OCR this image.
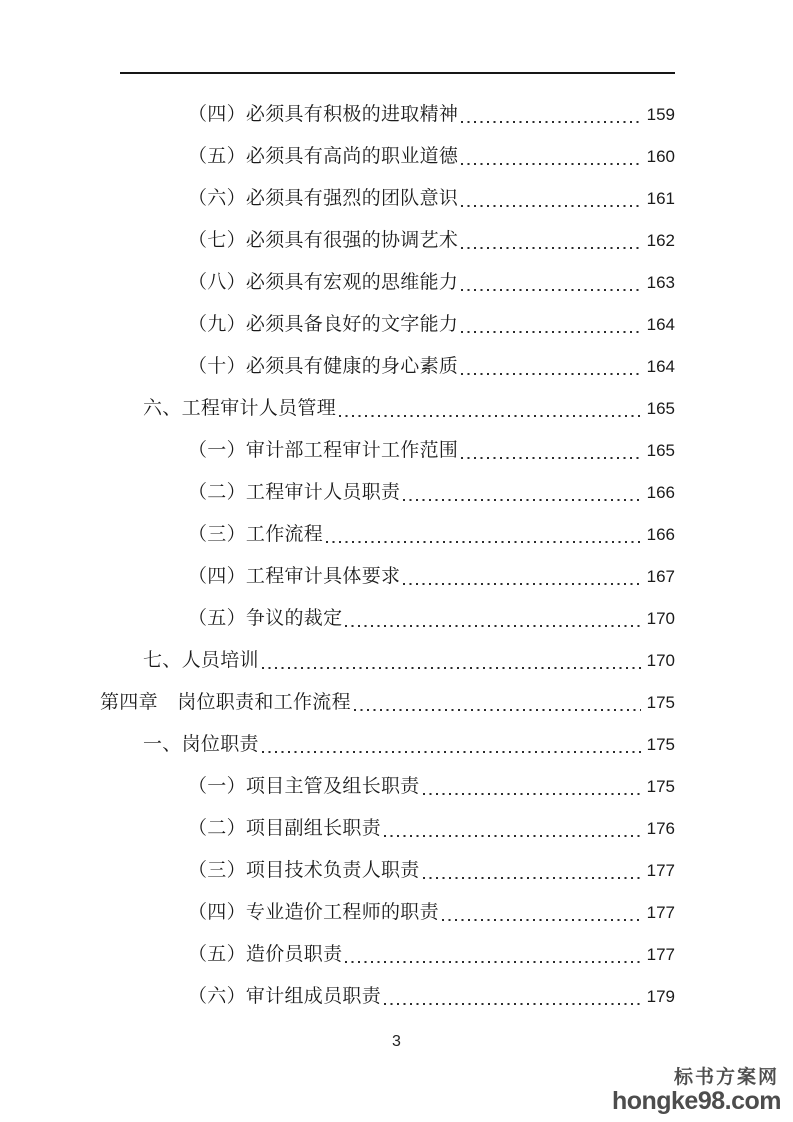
（四）必须具有积极的进取精神	159
（五）必须具有高尚的职业道德	160
（六）必须具有强烈的团队意识	161
（七）必须具有很强的协调艺术	162
（八）必须具有宏观的思维能力	163
（九）必须具备良好的文字能力	164
（十）必须具有健康的身心素质	164
六、工程审计人员管理	165
（一）审计部工程审计工作范围	165
（二）工程审计人员职责	166
（三）工作流程	166
（四）工程审计具体要求	167
（五）争议的裁定	170
七、人员培训	170
第四章　岗位职责和工作流程	175
一、岗位职责	175
（一）项目主管及组长职责	175
（二）项目副组长职责	176
（三）项目技术负责人职责	177
（四）专业造价工程师的职责	177
（五）造价员职责	177
（六）审计组成员职责	179
3
标书方案网
hongke98.com
